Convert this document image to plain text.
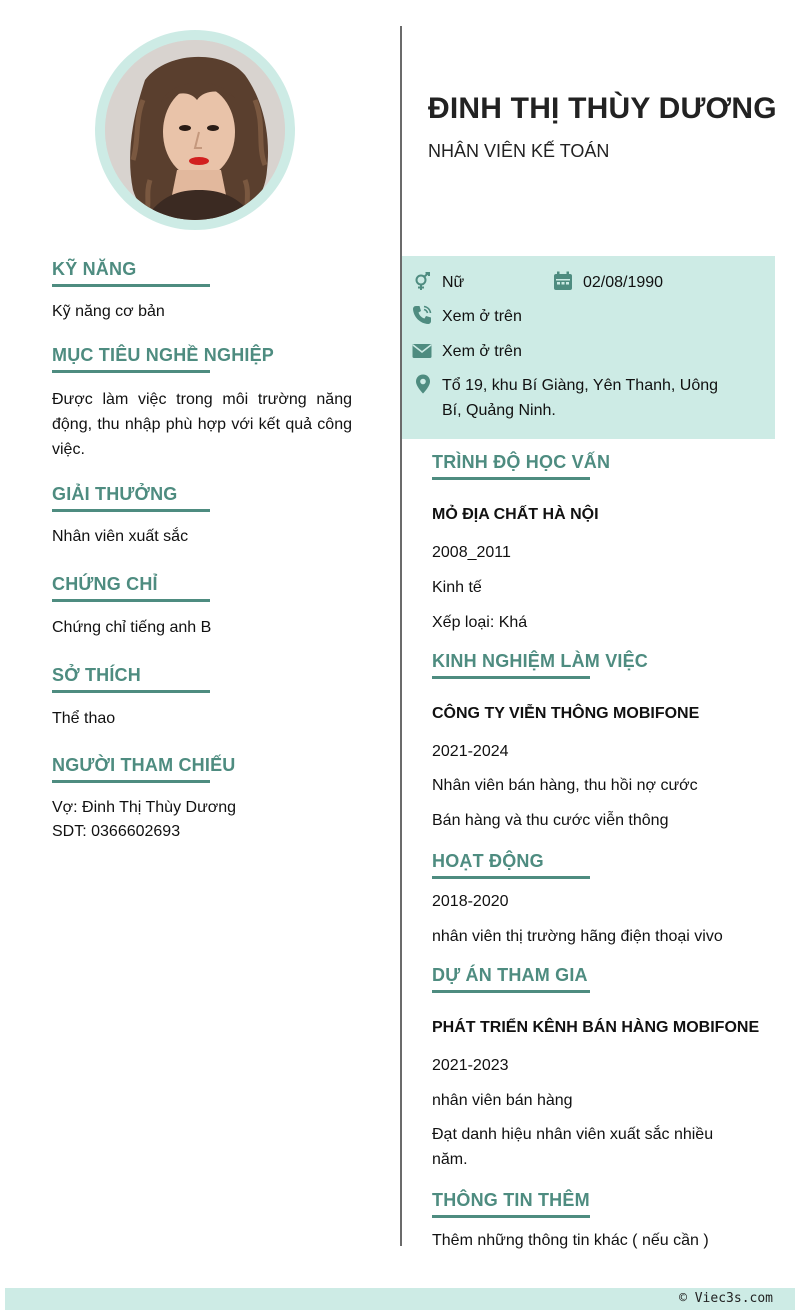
ĐINH THỊ THÙY DƯƠNG
NHÂN VIÊN KẾ TOÁN
Nữ	02/08/1990
Xem ở trên
Xem ở trên
Tổ 19, khu Bí Giàng, Yên Thanh, Uông Bí, Quảng Ninh.
KỸ NĂNG
Kỹ năng cơ bản
MỤC TIÊU NGHỀ NGHIỆP
Được làm việc trong môi trường năng động, thu nhập phù hợp với kết quả công việc.
GIẢI THƯỞNG
Nhân viên xuất sắc
CHỨNG CHỈ
Chứng chỉ tiếng anh B
SỞ THÍCH
Thể thao
NGƯỜI THAM CHIẾU
Vợ: Đinh Thị Thùy Dương
SDT: 0366602693
TRÌNH ĐỘ HỌC VẤN
MỎ ĐỊA CHẤT HÀ NỘI
2008_2011
Kinh tế
Xếp loại: Khá
KINH NGHIỆM LÀM VIỆC
CÔNG TY VIỄN THÔNG MOBIFONE
2021-2024
Nhân viên bán hàng, thu hồi nợ cước
Bán hàng và thu cước viễn thông
HOẠT ĐỘNG
2018-2020
nhân viên thị trường hãng điện thoại vivo
DỰ ÁN THAM GIA
PHÁT TRIỂN KÊNH BÁN HÀNG MOBIFONE
2021-2023
nhân viên bán hàng
Đạt danh hiệu nhân viên xuất sắc nhiều năm.
THÔNG TIN THÊM
Thêm những thông tin khác ( nếu cần )
© Viec3s.com
